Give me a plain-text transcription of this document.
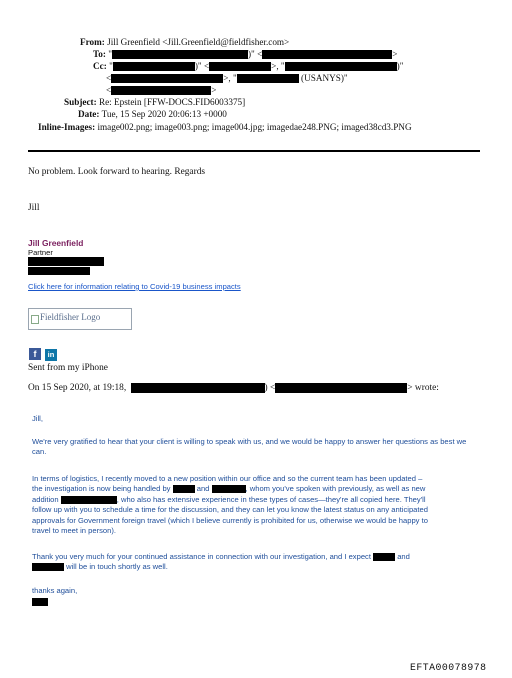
From: Jill Greenfield <Jill.Greenfield@fieldfisher.com>
To: "	)" <	>
Cc: "	)" <	>, "	)"
<	>, "	(USANYS)"
<	>
Subject: Re: Epstein [FFW-DOCS.FID6003375]
Date: Tue, 15 Sep 2020 20:06:13 +0000
Inline-Images: image002.png; image003.png; image004.jpg; imagedae248.PNG; imaged38cd3.PNG
No problem. Look forward to hearing. Regards
Jill
Jill Greenfield
Partner
Click here for information relating to Covid-19 business impacts
Fieldfisher Logo
f in
Sent from my iPhone
On 15 Sep 2020, at 19:18,	) <	> wrote:
Jill,
We're very gratified to hear that your client is willing to speak with us, and we would be happy to answer her questions as best we can.
In terms of logistics, I recently moved to a new position within our office and so the current team has been updated –
the investigation is now being handled by	and	, whom you've spoken with previously, as well as new
addition	, who also has extensive experience in these types of cases—they're all copied here. They'll
follow up with you to schedule a time for the discussion, and they can let you know the latest status on any anticipated
approvals for Government foreign travel (which I believe currently is prohibited for us, otherwise we would be happy to
travel to meet in person).
Thank you very much for your continued assistance in connection with our investigation, and I expect	and
will be in touch shortly as well.
thanks again,
EFTA00078978
